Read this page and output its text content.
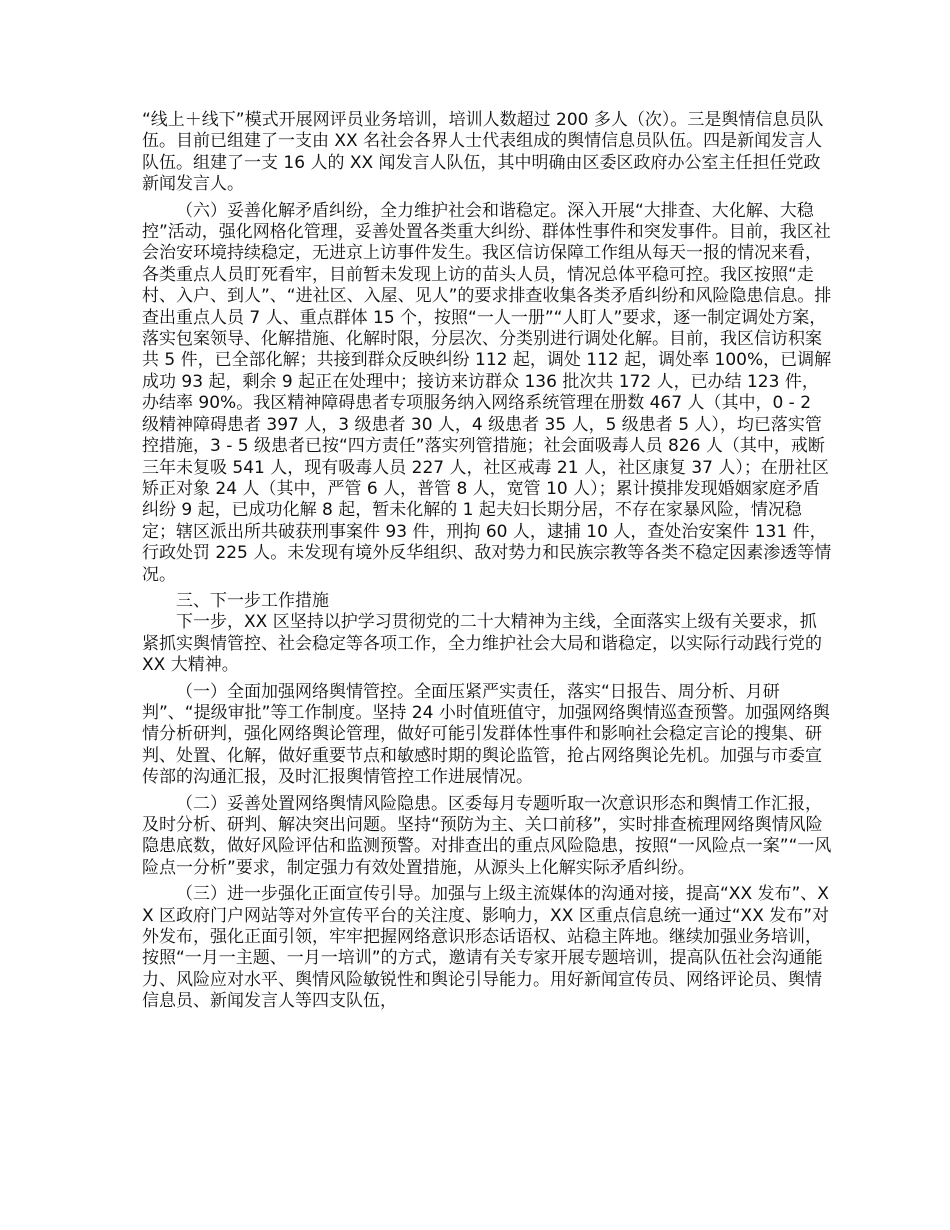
“线上＋线下”模式开展网评员业务培训，培训人数超过 200 多人（次）。三是舆情信息员队伍。目前已组建了一支由 XX 名社会各界人士代表组成的舆情信息员队伍。四是新闻发言人队伍。组建了一支 16 人的 XX 闻发言人队伍，其中明确由区委区政府办公室主任担任党政新闻发言人。

（六）妥善化解矛盾纠纷，全力维护社会和谐稳定。深入开展“大排查、大化解、大稳控”活动，强化网格化管理，妥善处置各类重大纠纷、群体性事件和突发事件。目前，我区社会治安环境持续稳定，无进京上访事件发生。我区信访保障工作组从每天一报的情况来看，各类重点人员盯死看牢，目前暂未发现上访的苗头人员，情况总体平稳可控。我区按照“走村、入户、到人”、“进社区、入屋、见人”的要求排查收集各类矛盾纠纷和风险隐患信息。排查出重点人员 7 人、重点群体 15 个，按照“一人一册”“人盯人”要求，逐一制定调处方案，落实包案领导、化解措施、化解时限，分层次、分类别进行调处化解。目前，我区信访积案共 5 件，已全部化解；共接到群众反映纠纷 112 起，调处 112 起，调处率 100%，已调解成功 93 起，剩余 9 起正在处理中；接访来访群众 136 批次共 172 人，已办结 123 件，办结率 90%。我区精神障碍患者专项服务纳入网络系统管理在册数 467 人（其中，0 - 2 级精神障碍患者 397 人，3 级患者 30 人，4 级患者 35 人，5 级患者 5 人），均已落实管控措施，3 - 5 级患者已按“四方责任”落实列管措施；社会面吸毒人员 826 人（其中，戒断三年未复吸 541 人，现有吸毒人员 227 人，社区戒毒 21 人，社区康复 37 人）；在册社区矫正对象 24 人（其中，严管 6 人，普管 8 人，宽管 10 人）；累计摸排发现婚姻家庭矛盾纠纷 9 起，已成功化解 8 起，暂未化解的 1 起夫妇长期分居，不存在家暴风险，情况稳定；辖区派出所共破获刑事案件 93 件，刑拘 60 人，逮捕 10 人，查处治安案件 131 件，行政处罚 225 人。未发现有境外反华组织、敌对势力和民族宗教等各类不稳定因素渗透等情况。

三、下一步工作措施

下一步，XX 区坚持以护学习贯彻党的二十大精神为主线，全面落实上级有关要求，抓紧抓实舆情管控、社会稳定等各项工作，全力维护社会大局和谐稳定，以实际行动践行党的 XX 大精神。

（一）全面加强网络舆情管控。全面压紧严实责任，落实“日报告、周分析、月研判”、“提级审批”等工作制度。坚持 24 小时值班值守，加强网络舆情巡查预警。加强网络舆情分析研判，强化网络舆论管理，做好可能引发群体性事件和影响社会稳定言论的搜集、研判、处置、化解，做好重要节点和敏感时期的舆论监管，抢占网络舆论先机。加强与市委宣传部的沟通汇报，及时汇报舆情管控工作进展情况。

（二）妥善处置网络舆情风险隐患。区委每月专题听取一次意识形态和舆情工作汇报，及时分析、研判、解决突出问题。坚持“预防为主、关口前移”，实时排查梳理网络舆情风险隐患底数，做好风险评估和监测预警。对排查出的重点风险隐患，按照“一风险点一案”“一风险点一分析”要求，制定强力有效处置措施，从源头上化解实际矛盾纠纷。

（三）进一步强化正面宣传引导。加强与上级主流媒体的沟通对接，提高“XX 发布”、XX 区政府门户网站等对外宣传平台的关注度、影响力，XX 区重点信息统一通过“XX 发布”对外发布，强化正面引领，牢牢把握网络意识形态话语权、站稳主阵地。继续加强业务培训，按照“一月一主题、一月一培训”的方式，邀请有关专家开展专题培训，提高队伍社会沟通能力、风险应对水平、舆情风险敏锐性和舆论引导能力。用好新闻宣传员、网络评论员、舆情信息员、新闻发言人等四支队伍，
